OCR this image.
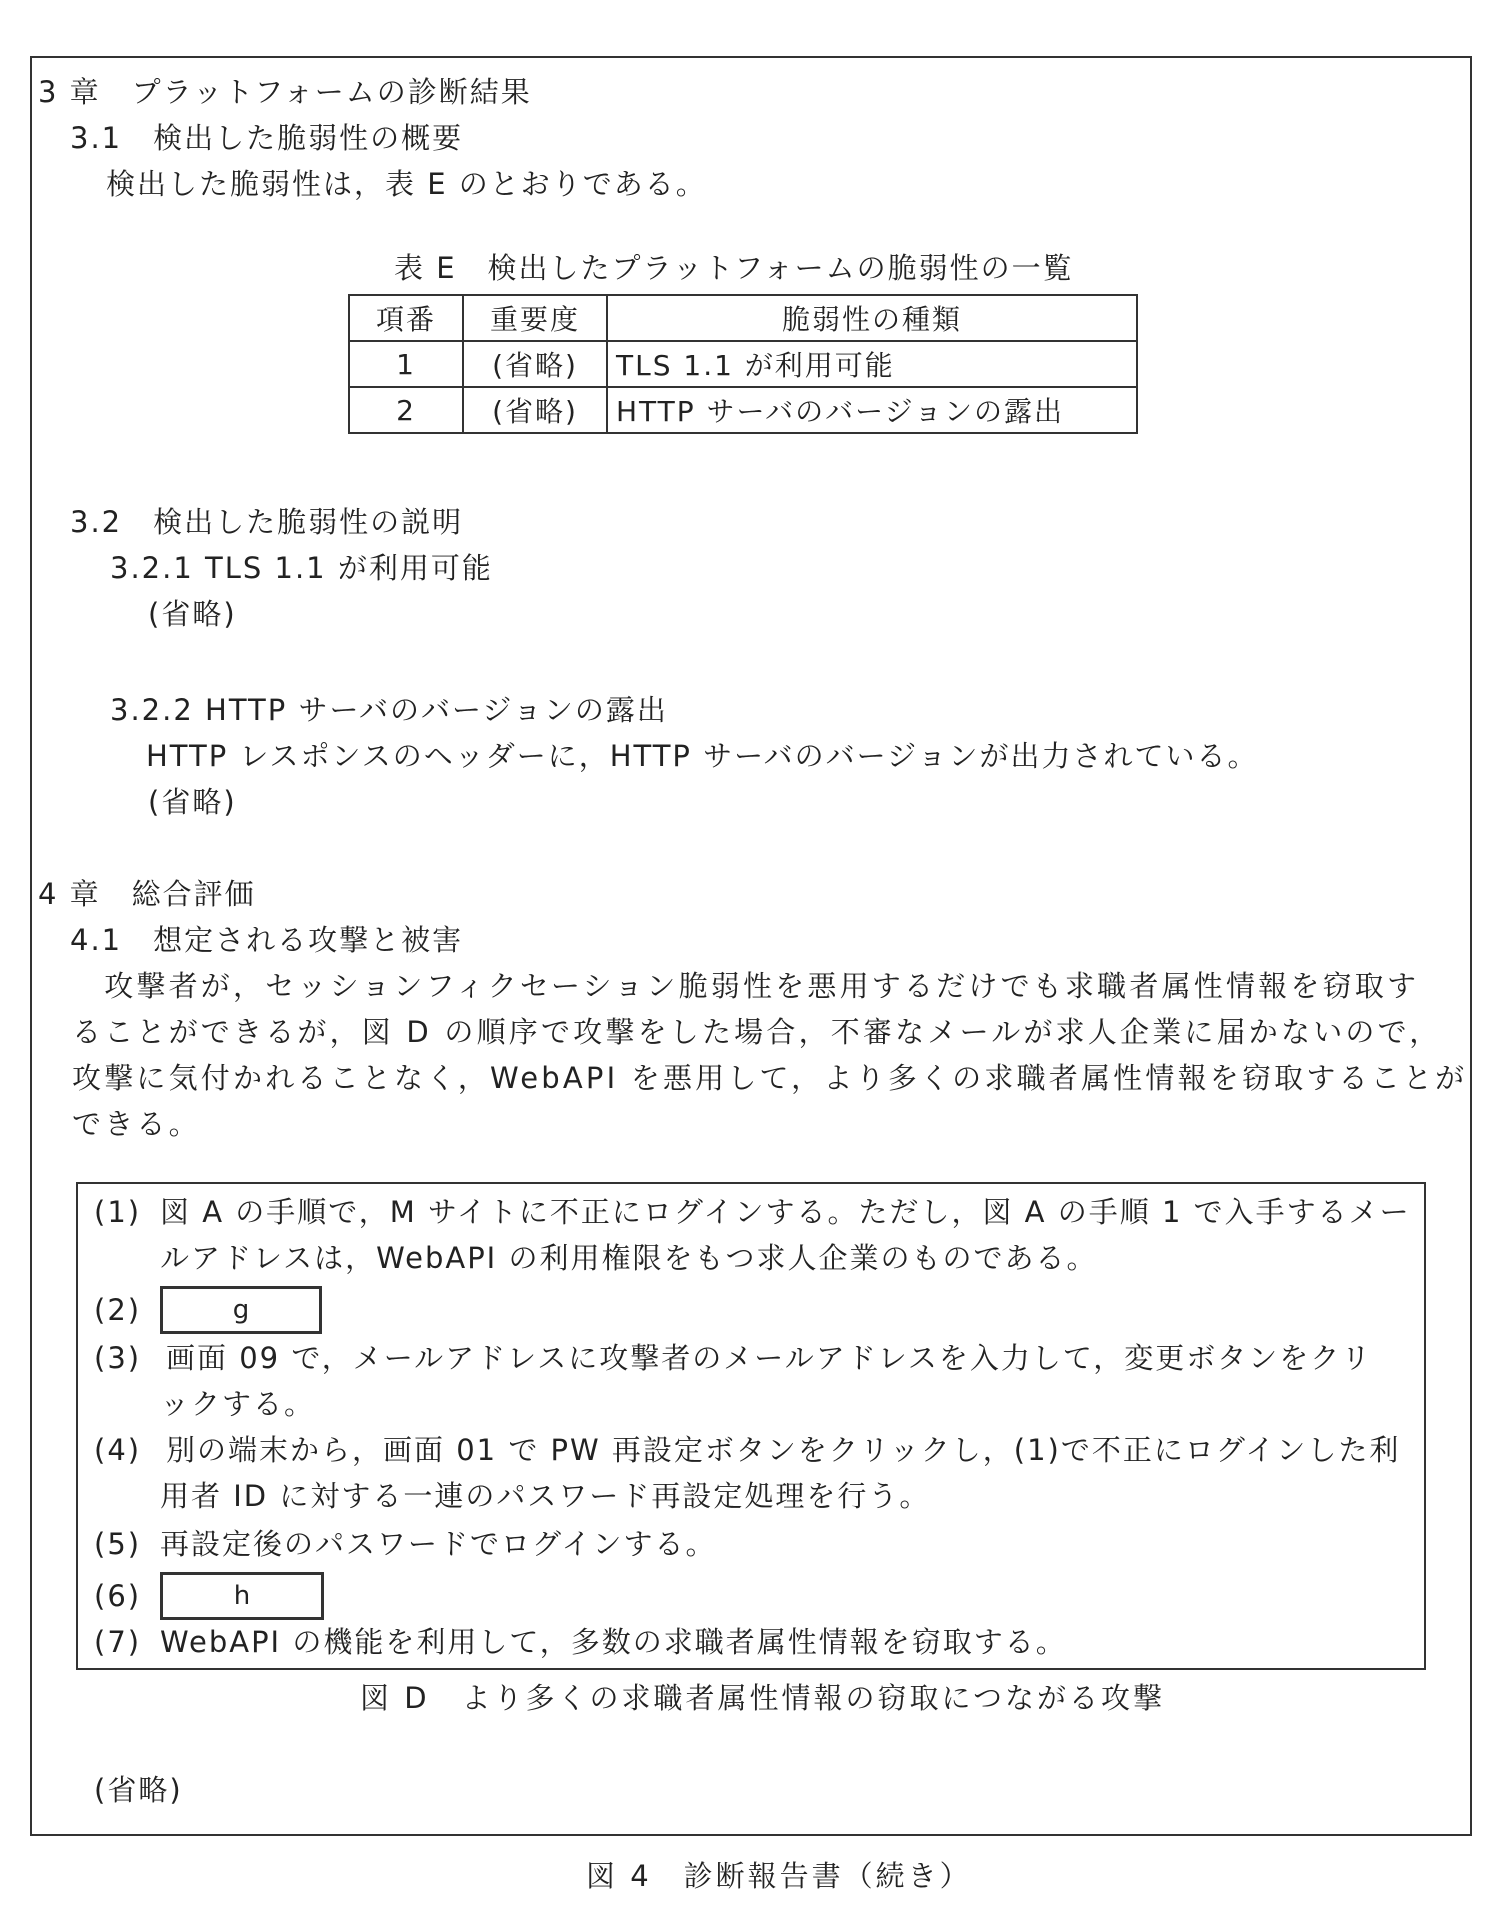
3 章　プラットフォームの診断結果
3.1　検出した脆弱性の概要
検出した脆弱性は，表 E のとおりである。
表 E　検出したプラットフォームの脆弱性の一覧
項番	重要度	脆弱性の種類
1	(省略)	TLS 1.1 が利用可能
2	(省略)	HTTP サーバのバージョンの露出
3.2　検出した脆弱性の説明
3.2.1 TLS 1.1 が利用可能
(省略)
3.2.2 HTTP サーバのバージョンの露出
HTTP レスポンスのヘッダーに，HTTP サーバのバージョンが出力されている。
(省略)
4 章　総合評価
4.1　想定される攻撃と被害
　攻撃者が，セッションフィクセーション脆弱性を悪用するだけでも求職者属性情報を窃取す
ることができるが，図 D の順序で攻撃をした場合，不審なメールが求人企業に届かないので，
攻撃に気付かれることなく，WebAPI を悪用して，より多くの求職者属性情報を窃取することが
できる。
(1) 図 A の手順で，M サイトに不正にログインする。ただし，図 A の手順 1 で入手するメー
ルアドレスは，WebAPI の利用権限をもつ求人企業のものである。
(2)	g
(3) 画面 09 で，メールアドレスに攻撃者のメールアドレスを入力して，変更ボタンをクリ
ックする。
(4) 別の端末から，画面 01 で PW 再設定ボタンをクリックし，(1)で不正にログインした利
用者 ID に対する一連のパスワード再設定処理を行う。
(5) 再設定後のパスワードでログインする。
(6)	h
(7) WebAPI の機能を利用して，多数の求職者属性情報を窃取する。
図 D　より多くの求職者属性情報の窃取につながる攻撃
(省略)
図 4　診断報告書（続き）
